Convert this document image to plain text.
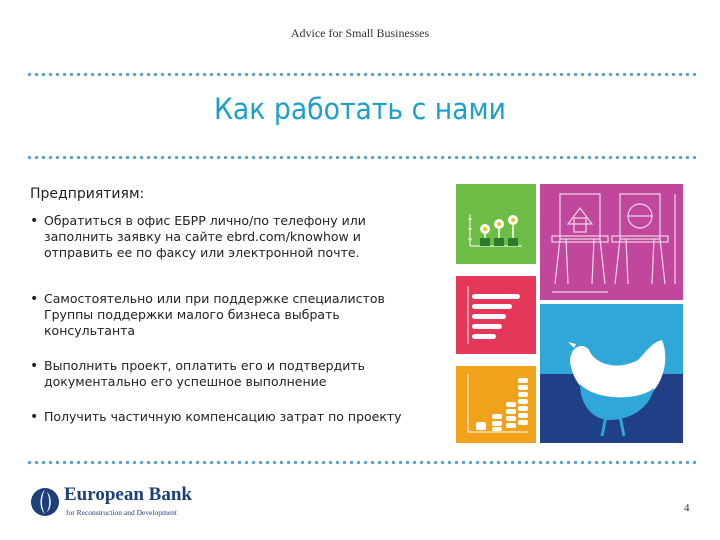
Advice for Small Businesses
Как работать с нами
Предприятиям:
• Обратиться в офис ЕБРР лично/по телефону или заполнить заявку на сайте ebrd.com/knowhow и отправить ее по факсу или электронной почте.
• Самостоятельно или при поддержке специалистов Группы поддержки малого бизнеса выбрать консультанта
• Выполнить проект, оплатить его и подтвердить документально его успешное выполнение
• Получить частичную компенсацию затрат по проекту
European Bank
for Reconstruction and Development	4
